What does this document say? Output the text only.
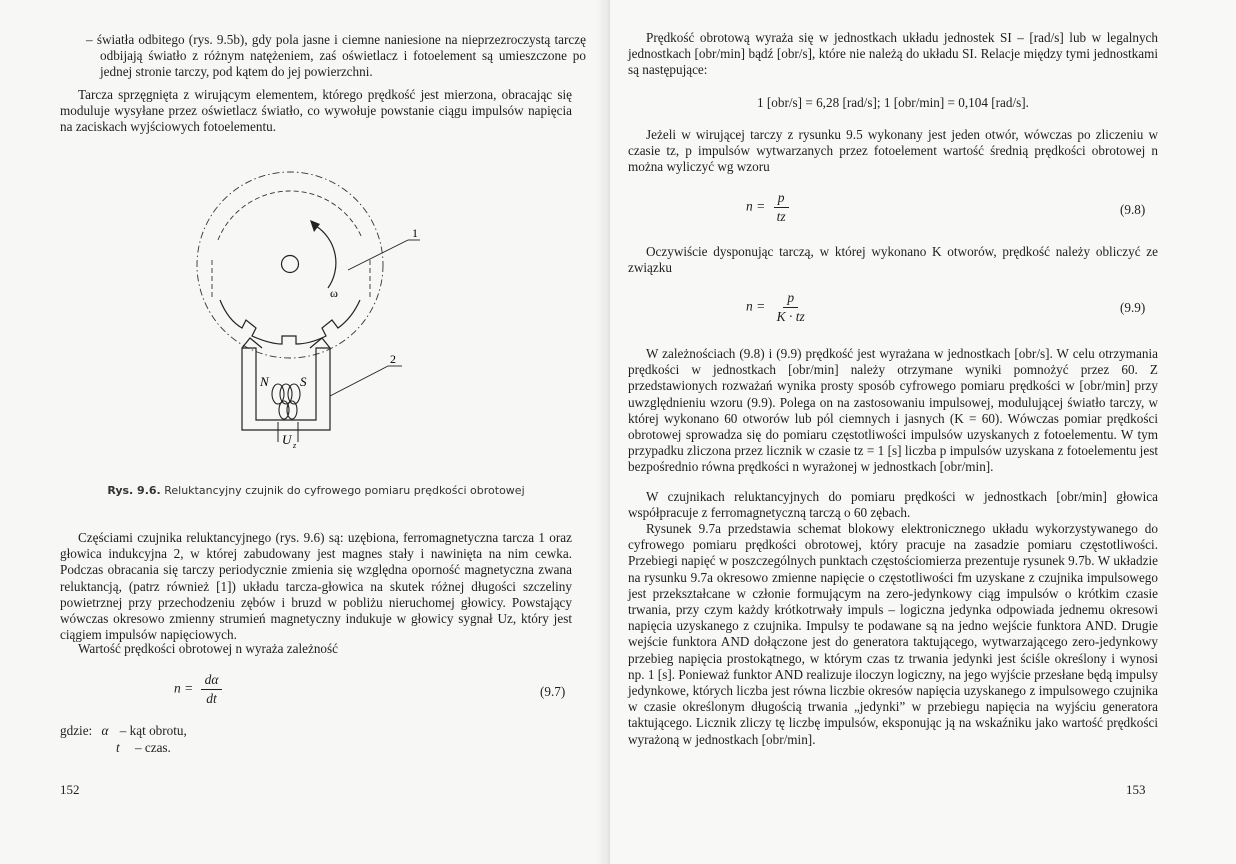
– światła odbitego (rys. 9.5b), gdy pola jasne i ciemne naniesione na nieprzezroczystą tarczę odbijają światło z różnym natężeniem, zaś oświetlacz i fotoelement są umieszczone po jednej stronie tarczy, pod kątem do jej powierzchni.

Tarcza sprzęgnięta z wirującym elementem, którego prędkość jest mierzona, obracając się moduluje wysyłane przez oświetlacz światło, co wywołuje powstanie ciągu impulsów napięcia na zaciskach wyjściowych fotoelementu.

ω
1
N S
U z
2
Rys. 9.6. Reluktancyjny czujnik do cyfrowego pomiaru prędkości obrotowej

Częściami czujnika reluktancyjnego (rys. 9.6) są: uzębiona, ferromagnetyczna tarcza 1 oraz głowica indukcyjna 2, w której zabudowany jest magnes stały i nawinięta na nim cewka. Podczas obracania się tarczy periodycznie zmienia się względna oporność magnetyczna zwana reluktancją, (patrz również [1]) układu tarcza-głowica na skutek różnej długości szczeliny powietrznej przy przechodzeniu zębów i bruzd w pobliżu nieruchomej głowicy. Powstający wówczas okresowo zmienny strumień magnetyczny indukuje w głowicy sygnał Uz, który jest ciągiem impulsów napięciowych.

Wartość prędkości obrotowej n wyraża zależność

$n = \frac{d\alpha}{dt}$	(9.7)
gdzie: α – kąt obrotu,
t – czas.
152

Prędkość obrotową wyraża się w jednostkach układu jednostek SI – [rad/s] lub w legalnych jednostkach [obr/min] bądź [obr/s], które nie należą do układu SI. Relacje między tymi jednostkami są następujące:

1 [obr/s] = 6,28 [rad/s]; 1 [obr/min] = 0,104 [rad/s].

Jeżeli w wirującej tarczy z rysunku 9.5 wykonany jest jeden otwór, wówczas po zliczeniu w czasie tz, p impulsów wytwarzanych przez fotoelement wartość średnią prędkości obrotowej n można wyliczyć wg wzoru

$n = \frac{p}{tz}$	(9.8)

Oczywiście dysponując tarczą, w której wykonano K otworów, prędkość należy obliczyć ze związku

$n = \frac{p}{K \cdot tz}$	(9.9)

W zależnościach (9.8) i (9.9) prędkość jest wyrażana w jednostkach [obr/s]. W celu otrzymania prędkości w jednostkach [obr/min] należy otrzymane wyniki pomnożyć przez 60. Z przedstawionych rozważań wynika prosty sposób cyfrowego pomiaru prędkości w [obr/min] przy uwzględnieniu wzoru (9.9). Polega on na zastosowaniu impulsowej, modulującej światło tarczy, w której wykonano 60 otworów lub pól ciemnych i jasnych (K = 60). Wówczas pomiar prędkości obrotowej sprowadza się do pomiaru częstotliwości impulsów uzyskanych z fotoelementu. W tym przypadku zliczona przez licznik w czasie tz = 1 [s] liczba p impulsów uzyskana z fotoelementu jest bezpośrednio równa prędkości n wyrażonej w jednostkach [obr/min].

W czujnikach reluktancyjnych do pomiaru prędkości w jednostkach [obr/min] głowica współpracuje z ferromagnetyczną tarczą o 60 zębach.

Rysunek 9.7a przedstawia schemat blokowy elektronicznego układu wykorzystywanego do cyfrowego pomiaru prędkości obrotowej, który pracuje na zasadzie pomiaru częstotliwości. Przebiegi napięć w poszczególnych punktach częstościomierza prezentuje rysunek 9.7b. W układzie na rysunku 9.7a okresowo zmienne napięcie o częstotliwości fm uzyskane z czujnika impulsowego jest przekształcane w członie formującym na zero-jedynkowy ciąg impulsów o krótkim czasie trwania, przy czym każdy krótkotrwały impuls – logiczna jedynka odpowiada jednemu okresowi napięcia uzyskanego z czujnika. Impulsy te podawane są na jedno wejście funktora AND. Drugie wejście funktora AND dołączone jest do generatora taktującego, wytwarzającego zero-jedynkowy przebieg napięcia prostokątnego, w którym czas tz trwania jedynki jest ściśle określony i wynosi np. 1 [s]. Ponieważ funktor AND realizuje iloczyn logiczny, na jego wyjście przesłane będą impulsy jedynkowe, których liczba jest równa liczbie okresów napięcia uzyskanego z impulsowego czujnika w czasie określonym długością trwania „jedynki” w przebiegu napięcia na wyjściu generatora taktującego. Licznik zliczy tę liczbę impulsów, eksponując ją na wskaźniku jako wartość prędkości wyrażoną w jednostkach [obr/min].

153
